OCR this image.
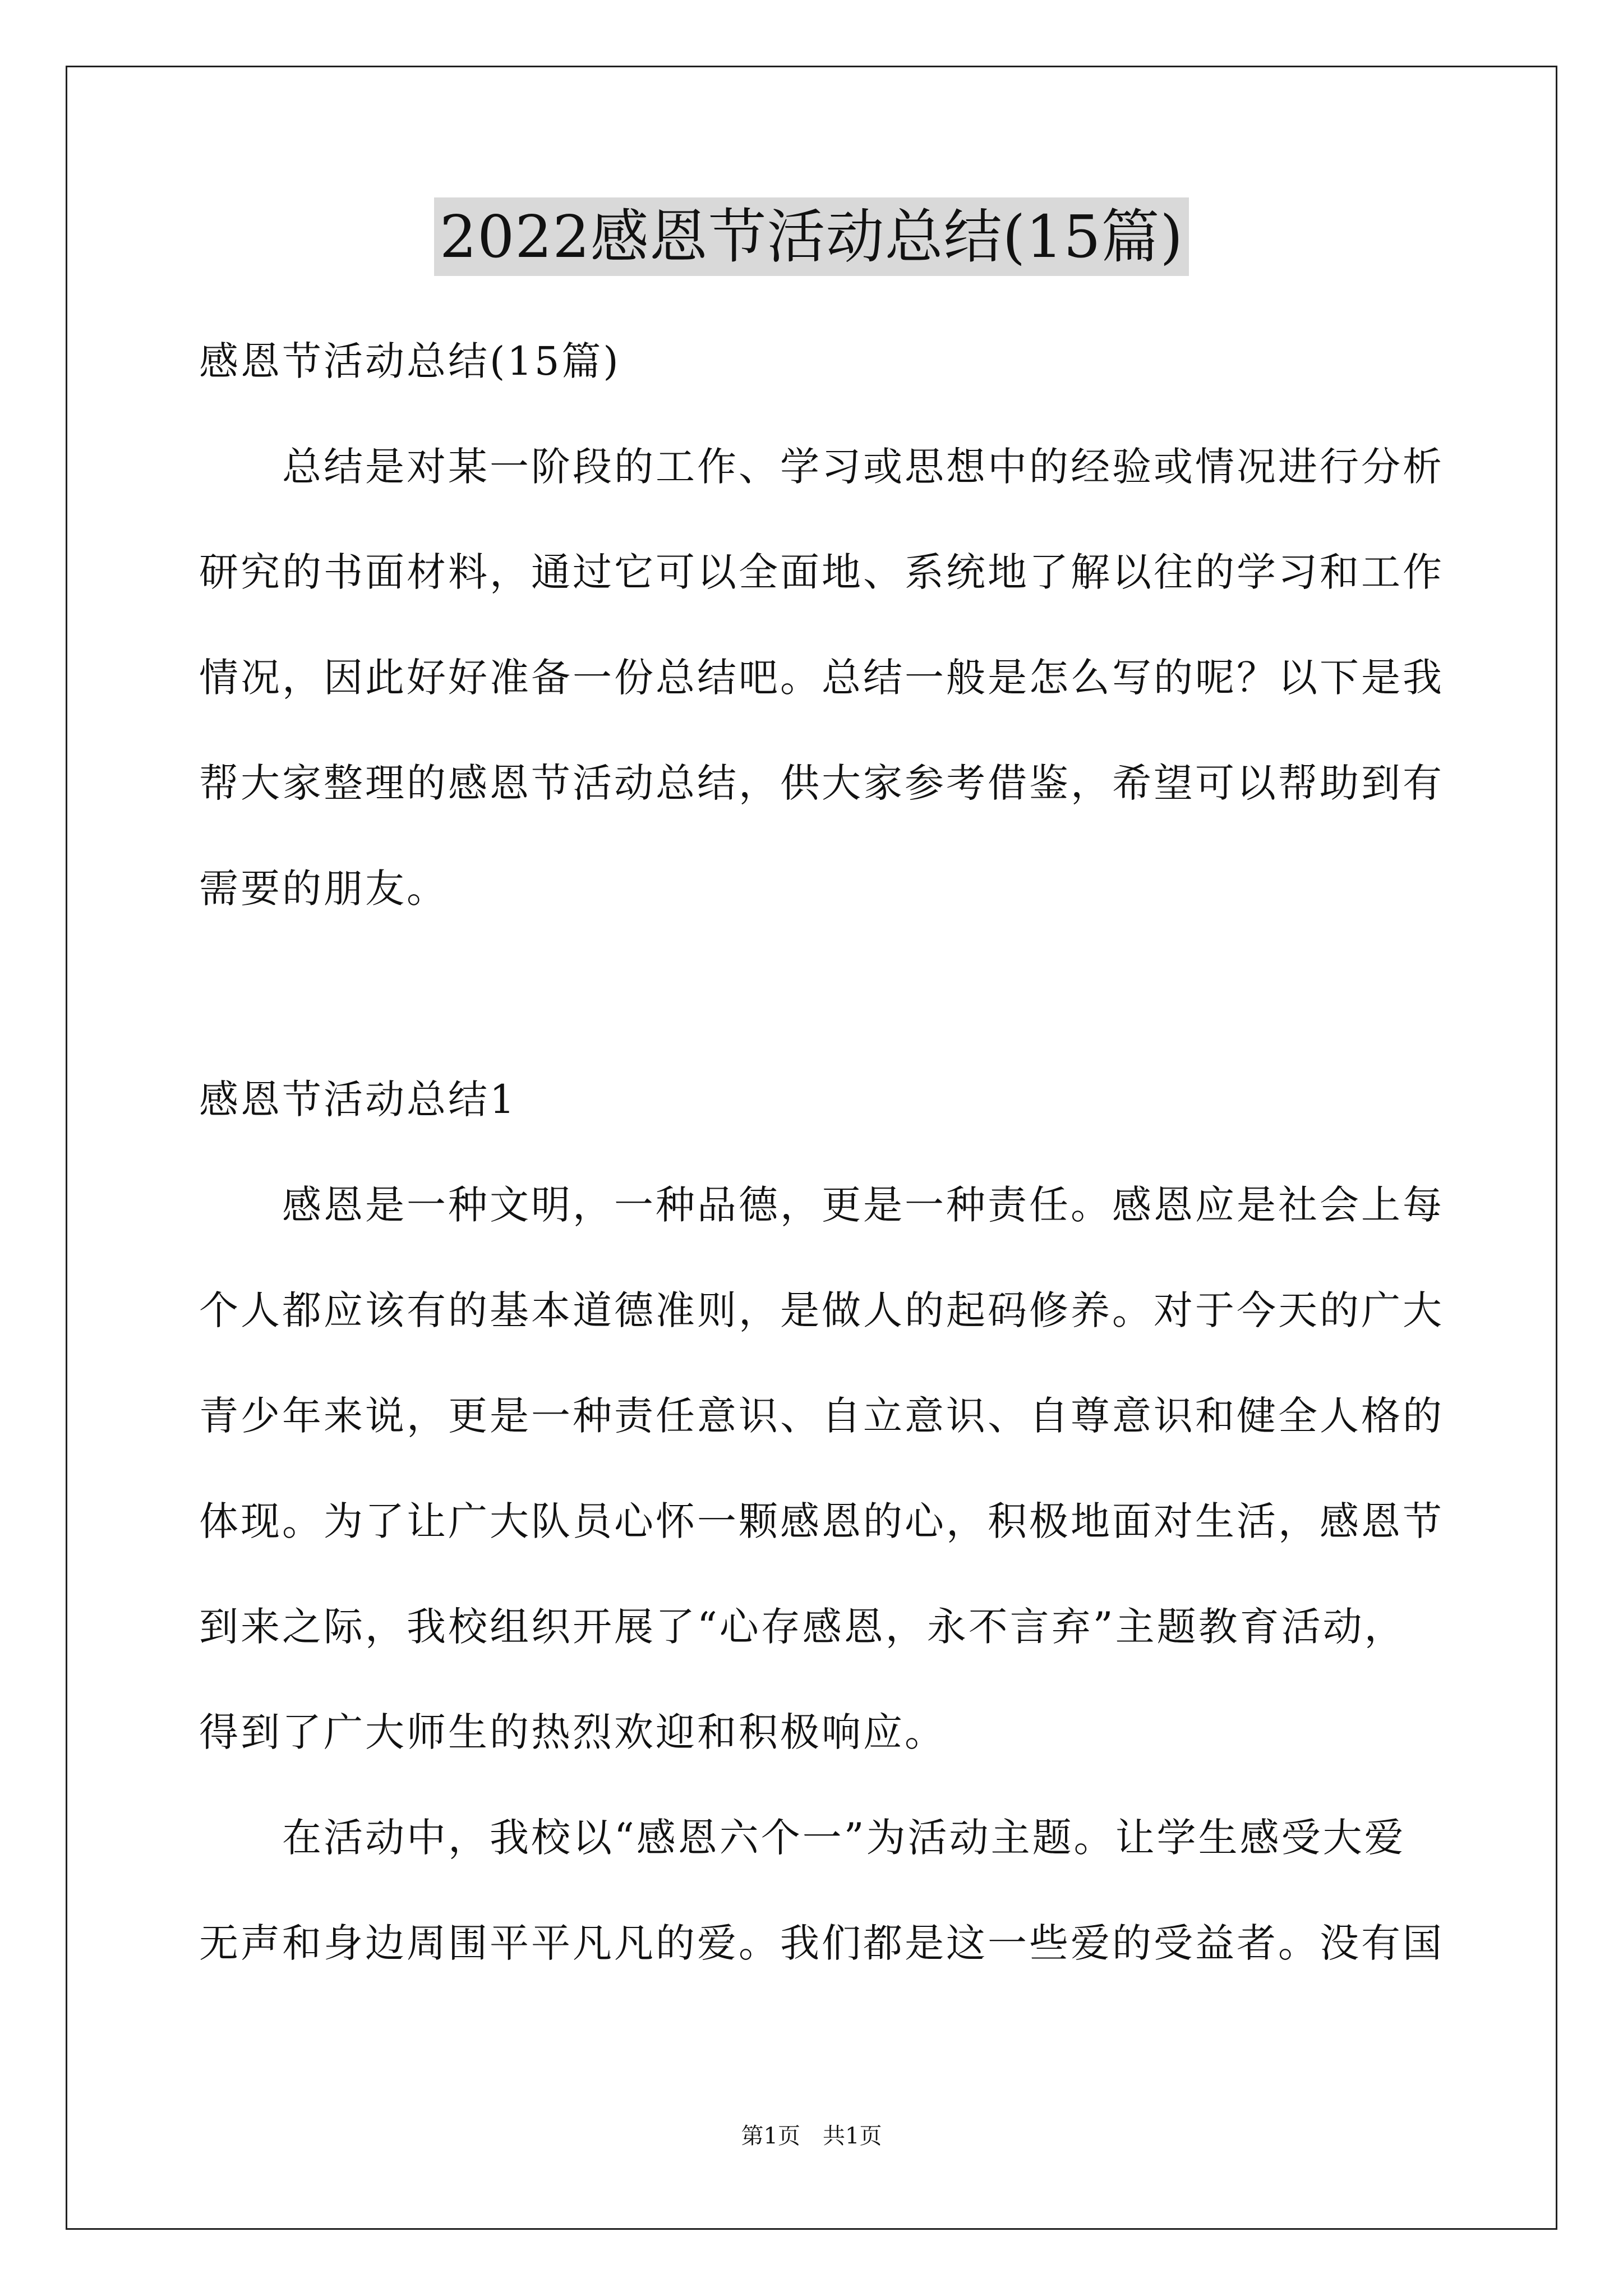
2022感恩节活动总结(15篇)
感恩节活动总结(15篇)
总结是对某一阶段的工作、学习或思想中的经验或情况进行分析
研究的书面材料，通过它可以全面地、系统地了解以往的学习和工作
情况，因此好好准备一份总结吧。总结一般是怎么写的呢？以下是我
帮大家整理的感恩节活动总结，供大家参考借鉴，希望可以帮助到有
需要的朋友。
感恩节活动总结1
感恩是一种文明，一种品德，更是一种责任。感恩应是社会上每
个人都应该有的基本道德准则，是做人的起码修养。对于今天的广大
青少年来说，更是一种责任意识、自立意识、自尊意识和健全人格的
体现。为了让广大队员心怀一颗感恩的心，积极地面对生活，感恩节
到来之际，我校组织开展了“心存感恩，永不言弃”主题教育活动，
得到了广大师生的热烈欢迎和积极响应。
在活动中，我校以“感恩六个一”为活动主题。让学生感受大爱
无声和身边周围平平凡凡的爱。我们都是这一些爱的受益者。没有国
第1页　共1页
